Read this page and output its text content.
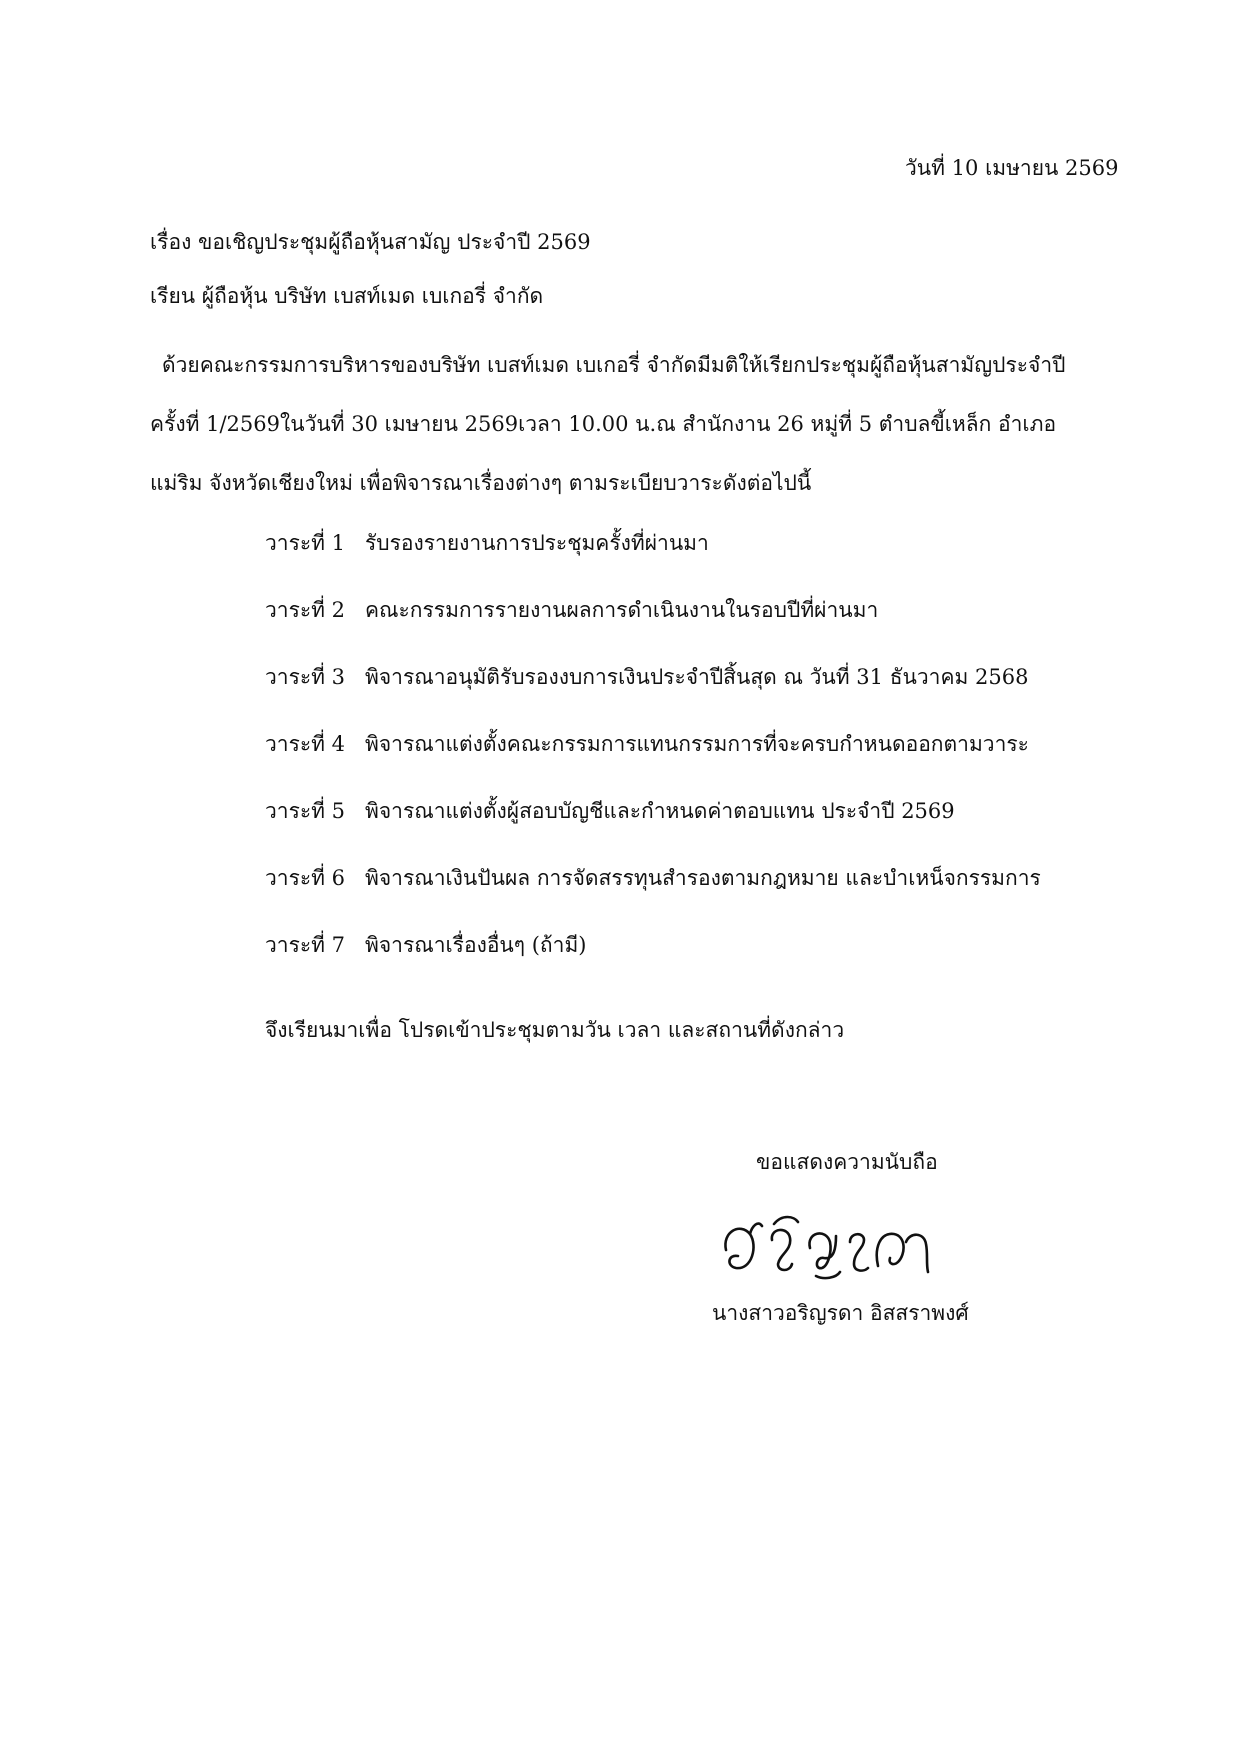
วันที่ 10 เมษายน 2569
เรื่อง ขอเชิญประชุมผู้ถือหุ้นสามัญ ประจำปี 2569
เรียน ผู้ถือหุ้น บริษัท เบสท์เมด เบเกอรี่ จำกัด
ด้วยคณะกรรมการบริหารของบริษัท เบสท์เมด เบเกอรี่ จำกัดมีมติให้เรียกประชุมผู้ถือหุ้นสามัญประจำปี
ครั้งที่ 1/2569ในวันที่ 30 เมษายน 2569เวลา 10.00 น.ณ สำนักงาน 26 หมู่ที่ 5 ตำบลขี้เหล็ก อำเภอ
แม่ริม จังหวัดเชียงใหม่ เพื่อพิจารณาเรื่องต่างๆ ตามระเบียบวาระดังต่อไปนี้
วาระที่ 1 รับรองรายงานการประชุมครั้งที่ผ่านมา
วาระที่ 2 คณะกรรมการรายงานผลการดำเนินงานในรอบปีที่ผ่านมา
วาระที่ 3 พิจารณาอนุมัติรับรองงบการเงินประจำปีสิ้นสุด ณ วันที่ 31 ธันวาคม 2568
วาระที่ 4 พิจารณาแต่งตั้งคณะกรรมการแทนกรรมการที่จะครบกำหนดออกตามวาระ
วาระที่ 5 พิจารณาแต่งตั้งผู้สอบบัญชีและกำหนดค่าตอบแทน ประจำปี 2569
วาระที่ 6 พิจารณาเงินปันผล การจัดสรรทุนสำรองตามกฎหมาย และบำเหน็จกรรมการ
วาระที่ 7 พิจารณาเรื่องอื่นๆ (ถ้ามี)
จึงเรียนมาเพื่อ โปรดเข้าประชุมตามวัน เวลา และสถานที่ดังกล่าว
ขอแสดงความนับถือ
นางสาวอริญรดา อิสสราพงศ์
